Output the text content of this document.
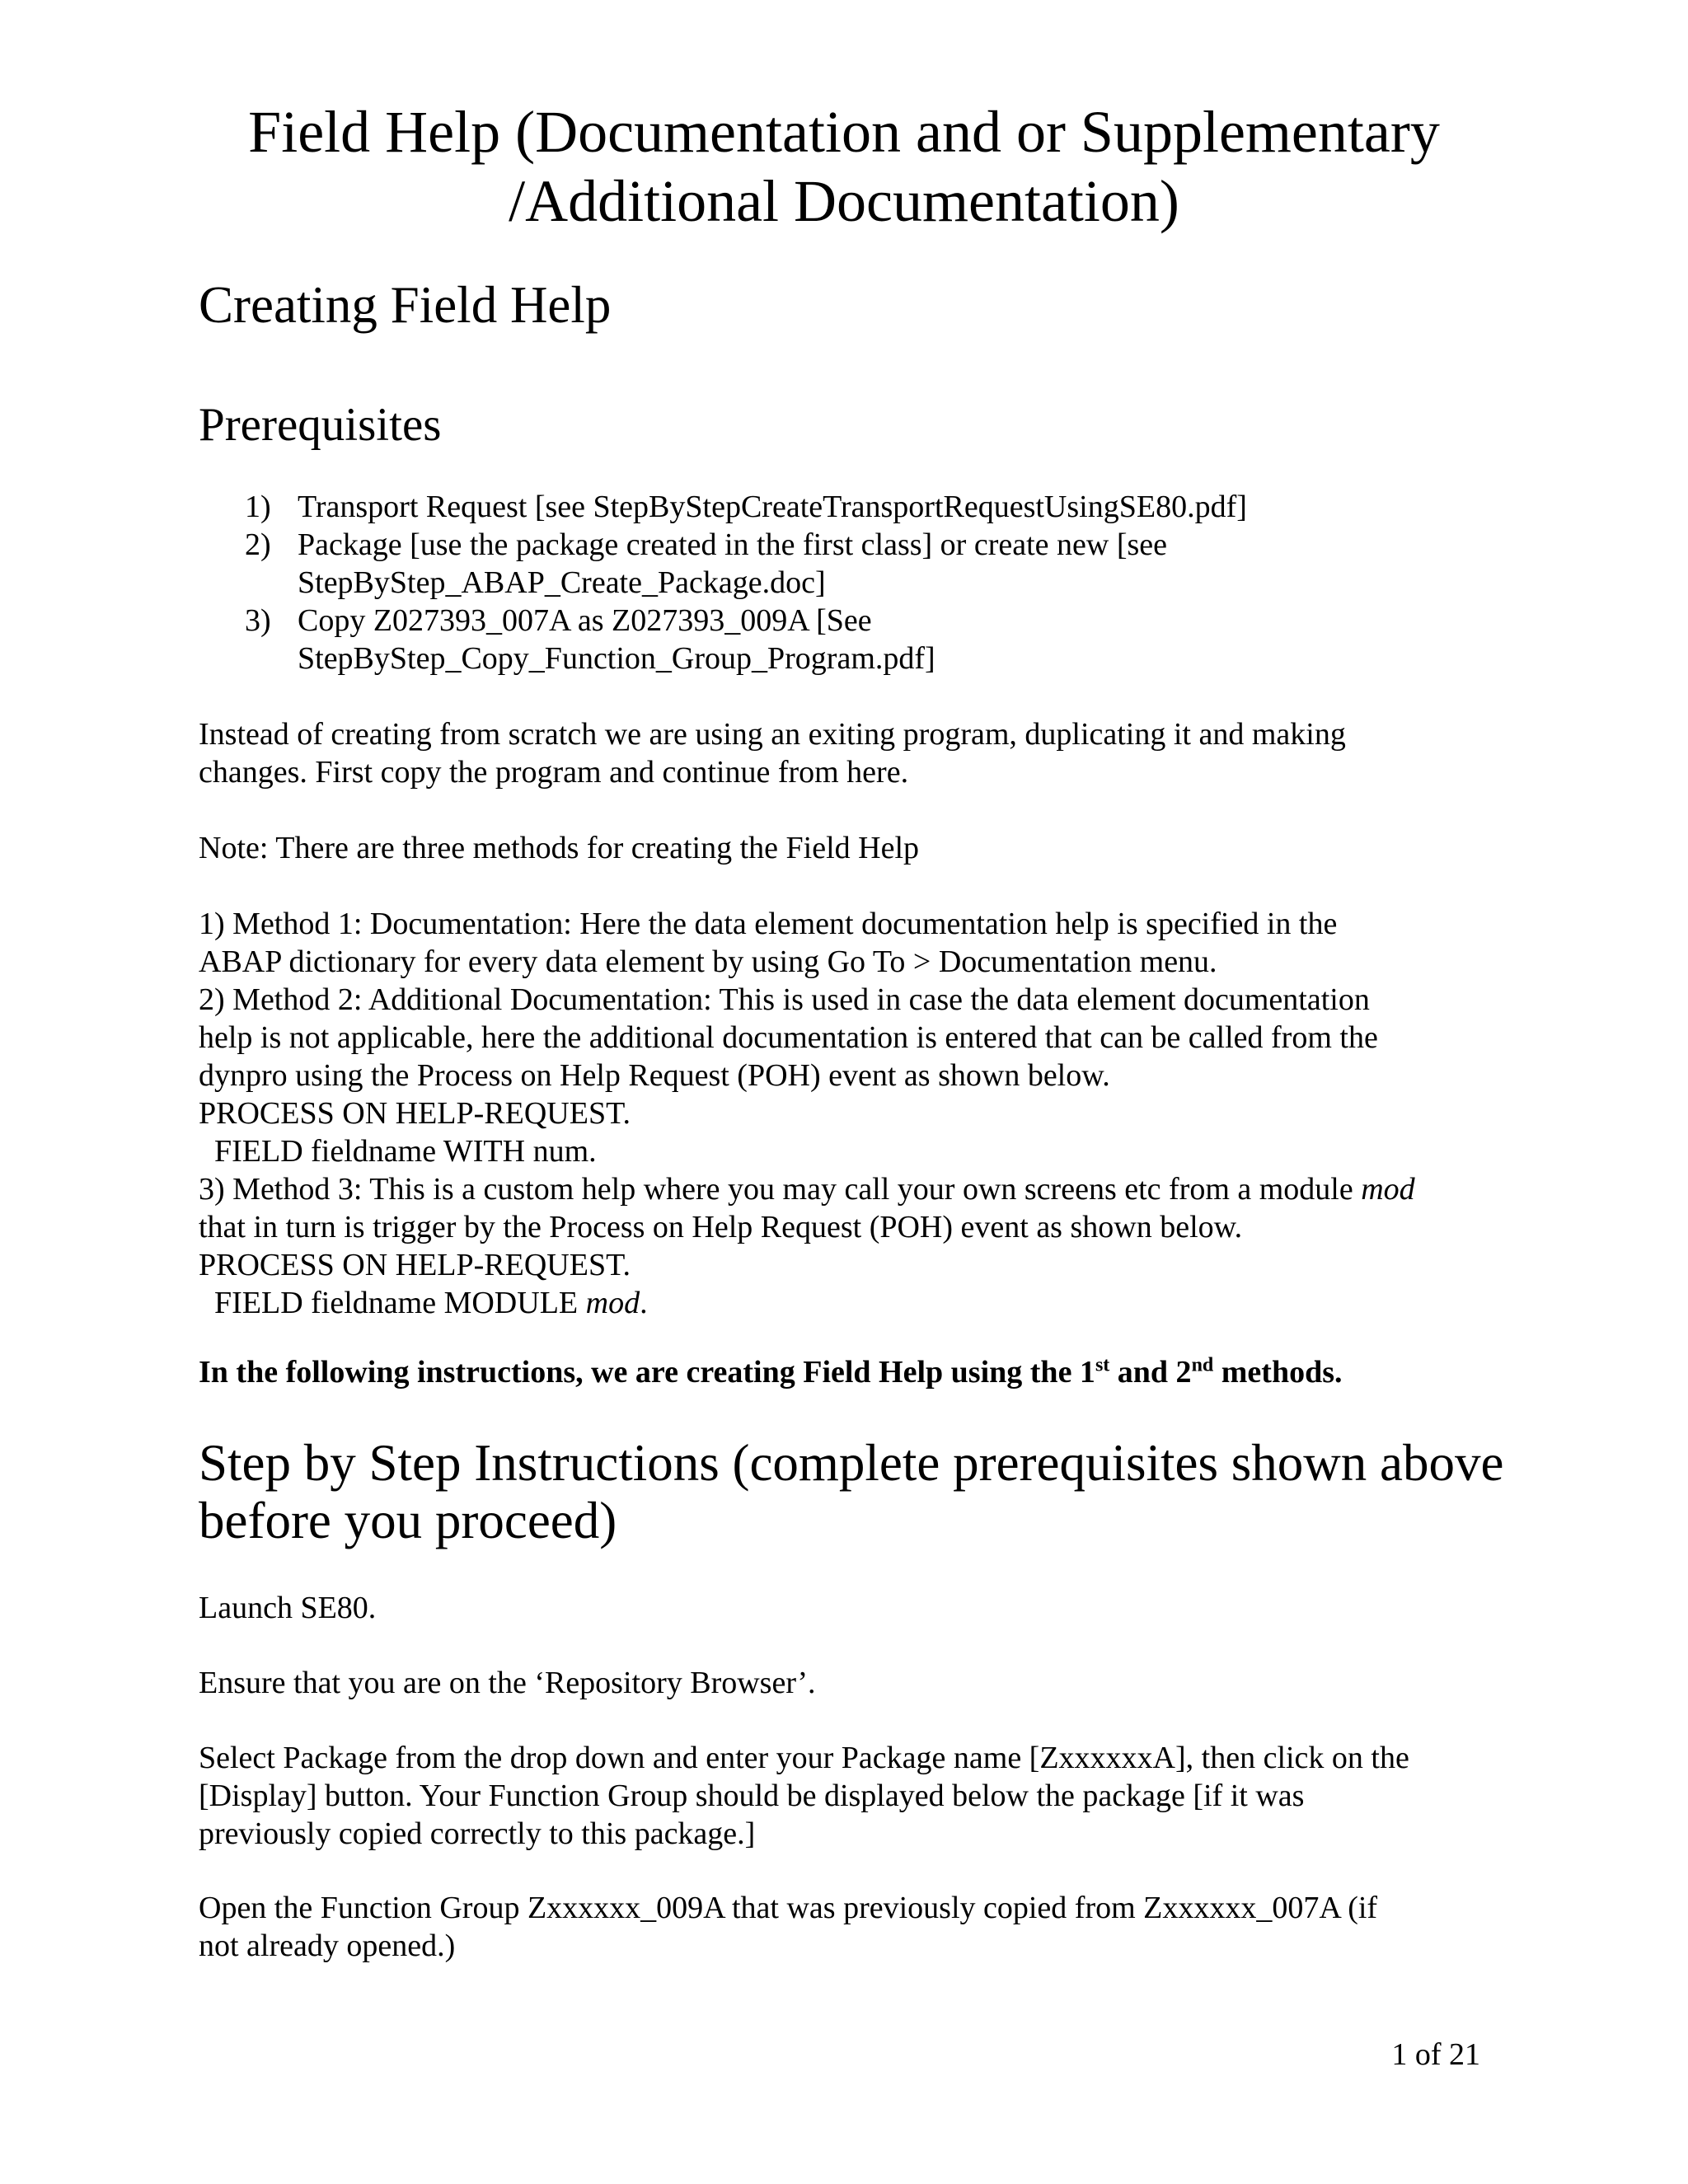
Field Help (Documentation and or Supplementary
/Additional Documentation)
Creating Field Help
Prerequisites
1) Transport Request [see StepByStepCreateTransportRequestUsingSE80.pdf]
2) Package [use the package created in the first class] or create new [see
StepByStep_ABAP_Create_Package.doc]
3) Copy Z027393_007A as Z027393_009A [See
StepByStep_Copy_Function_Group_Program.pdf]

Instead of creating from scratch we are using an exiting program, duplicating it and making
changes. First copy the program and continue from here.

Note: There are three methods for creating the Field Help

1) Method 1: Documentation: Here the data element documentation help is specified in the
ABAP dictionary for every data element by using Go To > Documentation menu.
2) Method 2: Additional Documentation: This is used in case the data element documentation
help is not applicable, here the additional documentation is entered that can be called from the
dynpro using the Process on Help Request (POH) event as shown below.
PROCESS ON HELP-REQUEST.
FIELD fieldname WITH num.
3) Method 3: This is a custom help where you may call your own screens etc from a module mod
that in turn is trigger by the Process on Help Request (POH) event as shown below.
PROCESS ON HELP-REQUEST.
FIELD fieldname MODULE mod.

In the following instructions, we are creating Field Help using the 1st and 2nd methods.

Step by Step Instructions (complete prerequisites shown above
before you proceed)

Launch SE80.

Ensure that you are on the ‘Repository Browser’.

Select Package from the drop down and enter your Package name [ZxxxxxxA], then click on the
[Display] button. Your Function Group should be displayed below the package [if it was
previously copied correctly to this package.]

Open the Function Group Zxxxxxx_009A that was previously copied from Zxxxxxx_007A (if
not already opened.)

1 of 21
